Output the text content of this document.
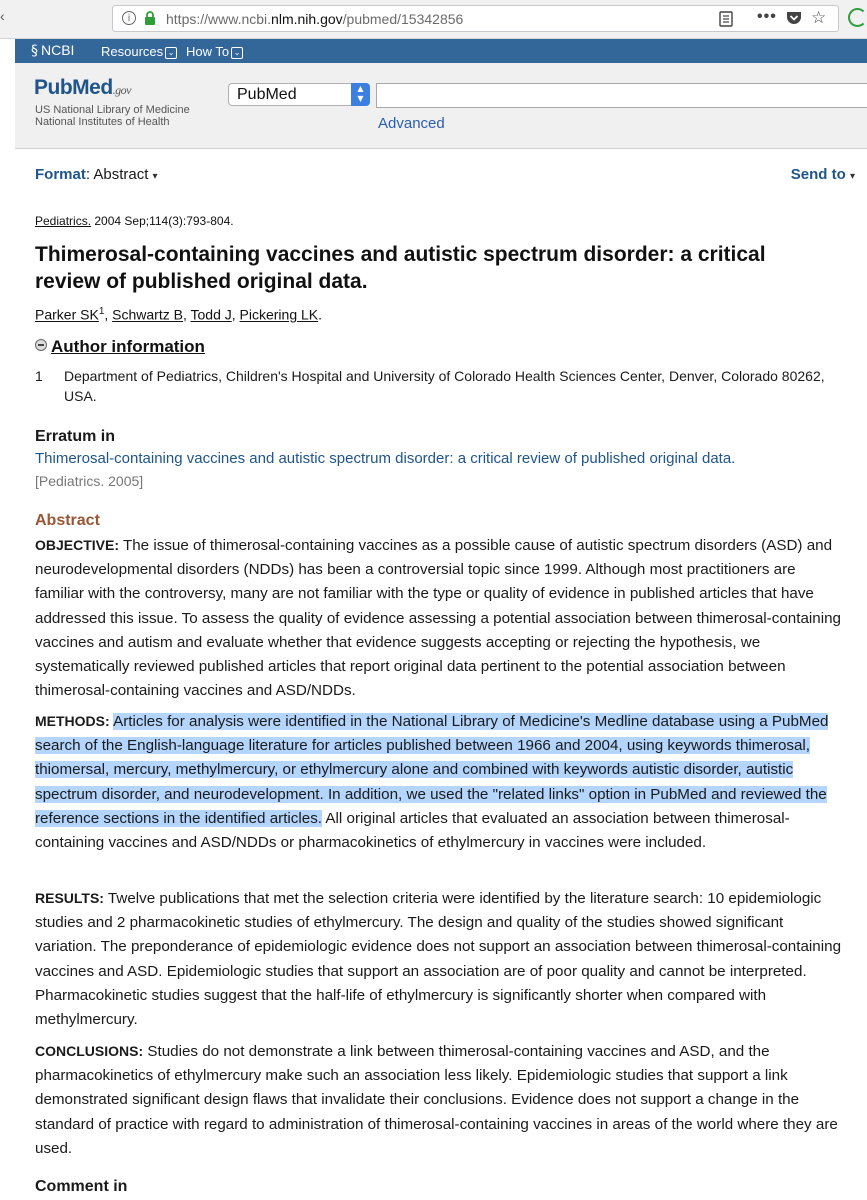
‹	i	https://www.ncbi.nlm.nih.gov/pubmed/15342856	••• ☆
§ NCBI Resources ⌄ How To ⌄
PubMed.gov
US National Library of Medicine
National Institutes of Health
PubMed	▲
▼
Advanced
Format: Abstract ▾	Send to ▾
Pediatrics. 2004 Sep;114(3):793-804.
Thimerosal-containing vaccines and autistic spectrum disorder: a critical review of published original data.
Parker $SK^1$, Schwartz B, Todd J, Pickering LK.
Author information
1 Department of Pediatrics, Children's Hospital and University of Colorado Health Sciences Center, Denver, Colorado 80262, USA.
Erratum in
Thimerosal-containing vaccines and autistic spectrum disorder: a critical review of published original data.
[Pediatrics. 2005]
Abstract

OBJECTIVE: The issue of thimerosal-containing vaccines as a possible cause of autistic spectrum disorders (ASD) and neurodevelopmental disorders (NDDs) has been a controversial topic since 1999. Although most practitioners are familiar with the controversy, many are not familiar with the type or quality of evidence in published articles that have addressed this issue. To assess the quality of evidence assessing a potential association between thimerosal-containing vaccines and autism and evaluate whether that evidence suggests accepting or rejecting the hypothesis, we systematically reviewed published articles that report original data pertinent to the potential association between thimerosal-containing vaccines and ASD/NDDs.

METHODS: Articles for analysis were identified in the National Library of Medicine's Medline database using a PubMed search of the English-language literature for articles published between 1966 and 2004, using keywords thimerosal, thiomersal, mercury, methylmercury, or ethylmercury alone and combined with keywords autistic disorder, autistic spectrum disorder, and neurodevelopment. In addition, we used the "related links" option in PubMed and reviewed the reference sections in the identified articles. All original articles that evaluated an association between thimerosal-containing vaccines and ASD/NDDs or pharmacokinetics of ethylmercury in vaccines were included.

RESULTS: Twelve publications that met the selection criteria were identified by the literature search: 10 epidemiologic studies and 2 pharmacokinetic studies of ethylmercury. The design and quality of the studies showed significant variation. The preponderance of epidemiologic evidence does not support an association between thimerosal-containing vaccines and ASD. Epidemiologic studies that support an association are of poor quality and cannot be interpreted. Pharmacokinetic studies suggest that the half-life of ethylmercury is significantly shorter when compared with methylmercury.

CONCLUSIONS: Studies do not demonstrate a link between thimerosal-containing vaccines and ASD, and the pharmacokinetics of ethylmercury make such an association less likely. Epidemiologic studies that support a link demonstrated significant design flaws that invalidate their conclusions. Evidence does not support a change in the standard of practice with regard to administration of thimerosal-containing vaccines in areas of the world where they are used.

Comment in
